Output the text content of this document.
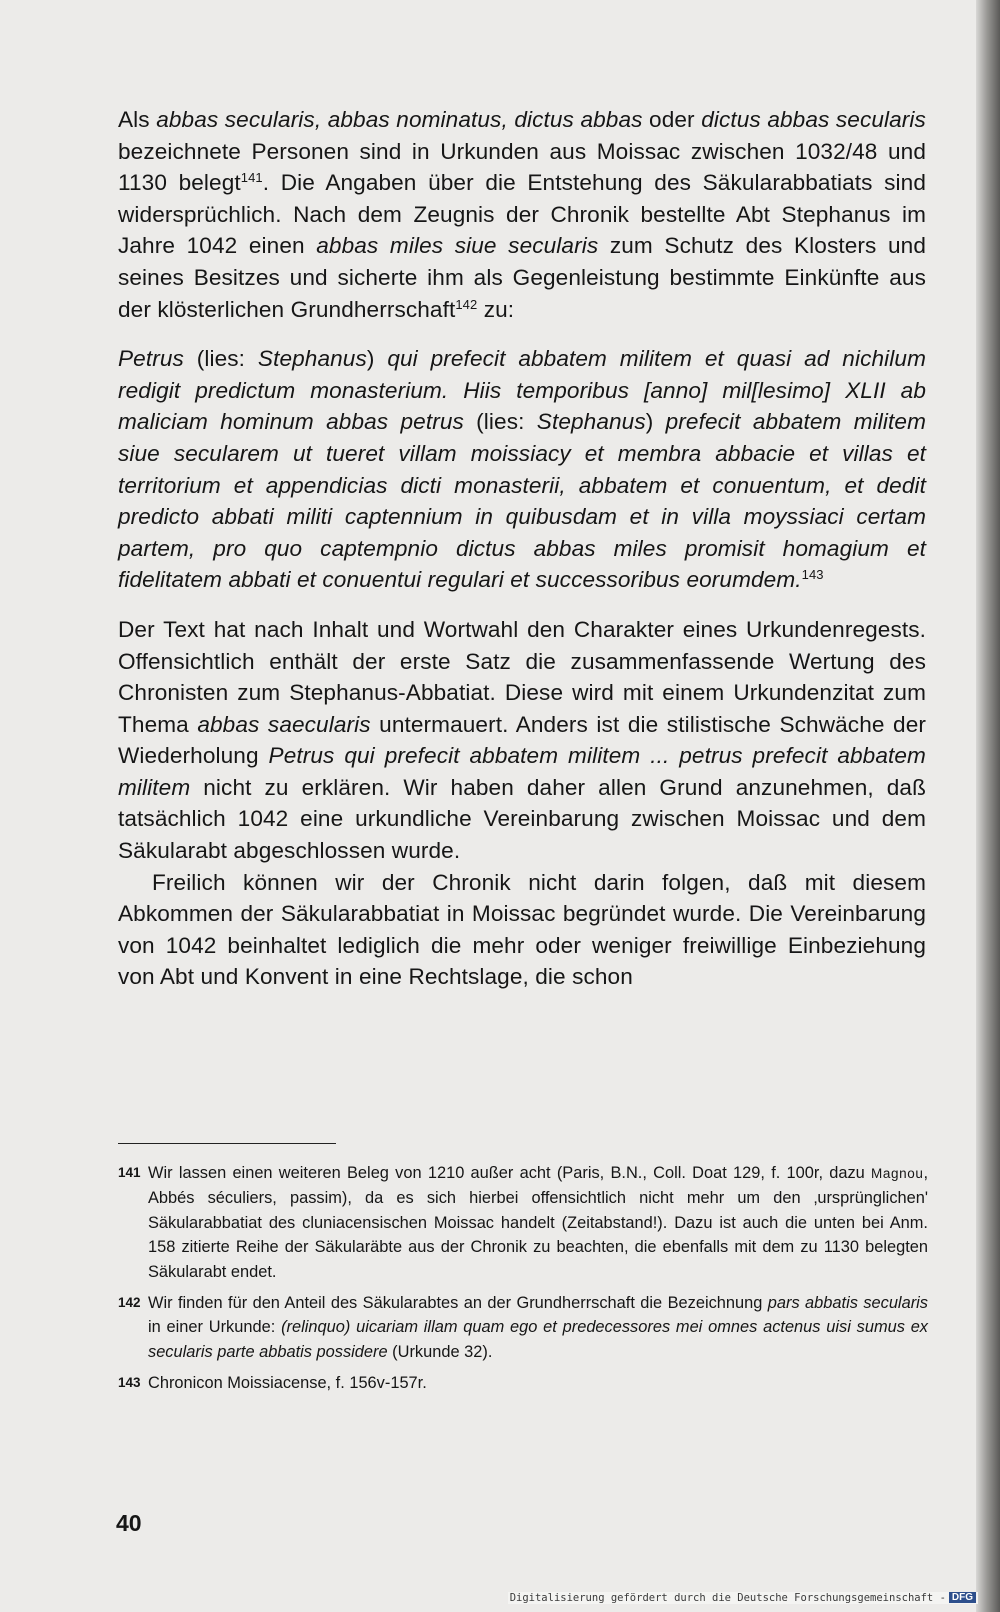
Als abbas secularis, abbas nominatus, dictus abbas oder dictus abbas secularis bezeichnete Personen sind in Urkunden aus Moissac zwischen 1032/48 und 1130 belegt$^{141}$. Die Angaben über die Entstehung des Säkularabbatiats sind widersprüchlich. Nach dem Zeugnis der Chronik bestellte Abt Stephanus im Jahre 1042 einen abbas miles siue secularis zum Schutz des Klosters und seines Besitzes und sicherte ihm als Gegenleistung bestimmte Einkünfte aus der klösterlichen Grundherrschaft$^{142}$ zu:

Petrus (lies: Stephanus) qui prefecit abbatem militem et quasi ad nichilum redigit predictum monasterium. Hiis temporibus [anno] mil[lesimo] XLII ab maliciam hominum abbas petrus (lies: Stephanus) prefecit abbatem militem siue secularem ut tueret villam moissiacy et membra abbacie et villas et territorium et appendicias dicti monasterii, abbatem et conuentum, et dedit predicto abbati militi captennium in quibusdam et in villa moyssiaci certam partem, pro quo captempnio dictus abbas miles promisit homagium et fidelitatem abbati et conuentui regulari et successoribus eorumdem.$^{143}$

Der Text hat nach Inhalt und Wortwahl den Charakter eines Urkundenregests. Offensichtlich enthält der erste Satz die zusammenfassende Wertung des Chronisten zum Stephanus-Abbatiat. Diese wird mit einem Urkundenzitat zum Thema abbas saecularis untermauert. Anders ist die stilistische Schwäche der Wiederholung Petrus qui prefecit abbatem militem ... petrus prefecit abbatem militem nicht zu erklären. Wir haben daher allen Grund anzunehmen, daß tatsächlich 1042 eine urkundliche Vereinbarung zwischen Moissac und dem Säkularabt abgeschlossen wurde.

Freilich können wir der Chronik nicht darin folgen, daß mit diesem Abkommen der Säkularabbatiat in Moissac begründet wurde. Die Vereinbarung von 1042 beinhaltet lediglich die mehr oder weniger freiwillige Einbeziehung von Abt und Konvent in eine Rechtslage, die schon

141 Wir lassen einen weiteren Beleg von 1210 außer acht (Paris, B.N., Coll. Doat 129, f. 100r, dazu Magnou, Abbés séculiers, passim), da es sich hierbei offensichtlich nicht mehr um den ‚ursprünglichen' Säkularabbatiat des cluniacensischen Moissac handelt (Zeitabstand!). Dazu ist auch die unten bei Anm. 158 zitierte Reihe der Säkularäbte aus der Chronik zu beachten, die ebenfalls mit dem zu 1130 belegten Säkularabt endet.

142 Wir finden für den Anteil des Säkularabtes an der Grundherrschaft die Bezeichnung pars abbatis secularis in einer Urkunde: (relinquo) uicariam illam quam ego et predecessores mei omnes actenus uisi sumus ex secularis parte abbatis possidere (Urkunde 32).

143 Chronicon Moissiacense, f. 156v-157r.

40
Digitalisierung gefördert durch die Deutsche Forschungsgemeinschaft - DFG
